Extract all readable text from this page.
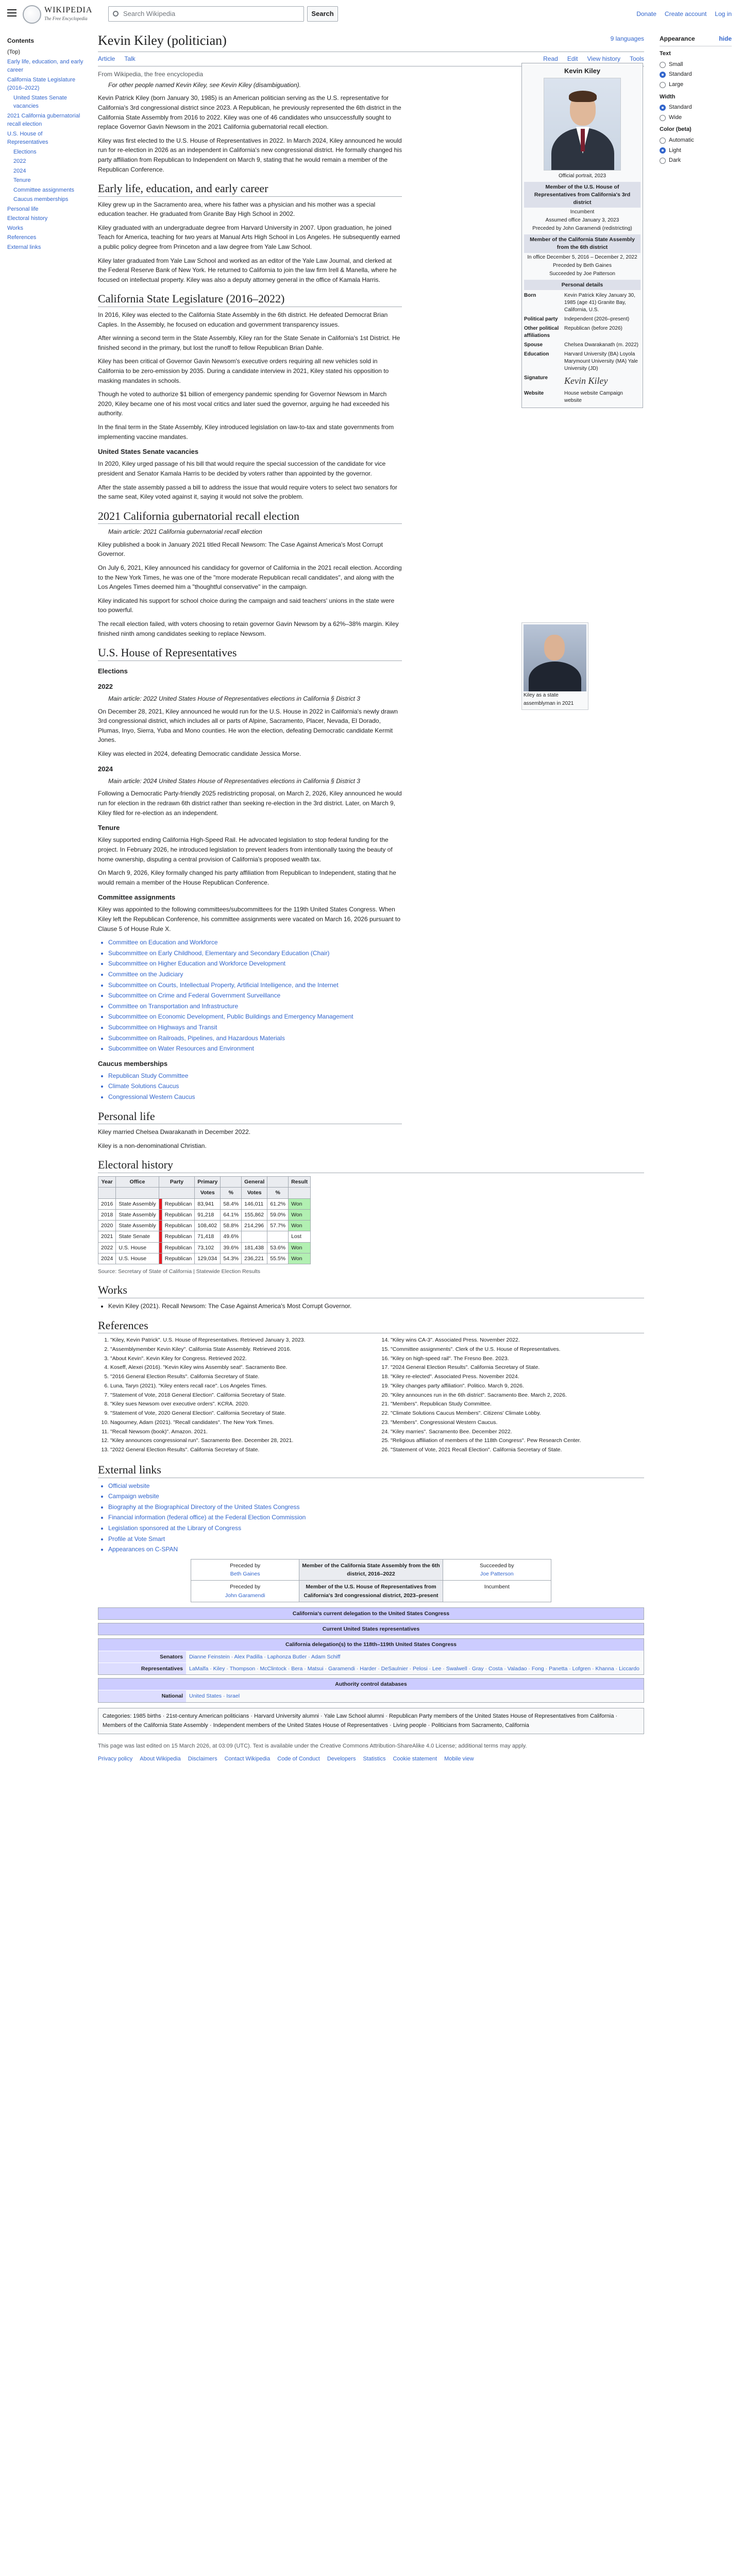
WIKIPEDIA
The Free Encyclopedia
Search Wikipedia	Search	Donate Create account Log in
Contents
(Top)
Early life, education, and early career
California State Legislature (2016–2022)
United States Senate vacancies
2021 California gubernatorial recall election
U.S. House of Representatives
Elections
2022
2024
Tenure
Committee assignments
Caucus memberships
Personal life
Electoral history
Works
References
External links
Kevin Kiley (politician)	9 languages
Article Talk	Read Edit View history Tools
From Wikipedia, the free encyclopedia
For other people named Kevin Kiley, see Kevin Kiley (disambiguation).

Kevin Patrick Kiley (born January 30, 1985) is an American politician serving as the U.S. representative for California's 3rd congressional district since 2023. A Republican, he previously represented the 6th district in the California State Assembly from 2016 to 2022. Kiley was one of 46 candidates who unsuccessfully sought to replace Governor Gavin Newsom in the 2021 California gubernatorial recall election.

Kiley was first elected to the U.S. House of Representatives in 2022. In March 2024, Kiley announced he would run for re-election in 2026 as an independent in California's new congressional district. He formally changed his party affiliation from Republican to Independent on March 9, stating that he would remain a member of the Republican Conference.

Early life, education, and early career

Kiley grew up in the Sacramento area, where his father was a physician and his mother was a special education teacher. He graduated from Granite Bay High School in 2002.

Kiley graduated with an undergraduate degree from Harvard University in 2007. Upon graduation, he joined Teach for America, teaching for two years at Manual Arts High School in Los Angeles. He subsequently earned a public policy degree from Princeton and a law degree from Yale Law School.

Kiley later graduated from Yale Law School and worked as an editor of the Yale Law Journal, and clerked at the Federal Reserve Bank of New York. He returned to California to join the law firm Irell & Manella, where he focused on intellectual property. Kiley was also a deputy attorney general in the office of Kamala Harris.

California State Legislature (2016–2022)

In 2016, Kiley was elected to the California State Assembly in the 6th district. He defeated Democrat Brian Caples. In the Assembly, he focused on education and government transparency issues.

After winning a second term in the State Assembly, Kiley ran for the State Senate in California's 1st District. He finished second in the primary, but lost the runoff to fellow Republican Brian Dahle.

Kiley has been critical of Governor Gavin Newsom's executive orders requiring all new vehicles sold in California to be zero-emission by 2035. During a candidate interview in 2021, Kiley stated his opposition to masking mandates in schools.

Though he voted to authorize $1 billion of emergency pandemic spending for Governor Newsom in March 2020, Kiley became one of his most vocal critics and later sued the governor, arguing he had exceeded his authority.

In the final term in the State Assembly, Kiley introduced legislation on law-to-tax and state governments from implementing vaccine mandates.

United States Senate vacancies

In 2020, Kiley urged passage of his bill that would require the special succession of the candidate for vice president and Senator Kamala Harris to be decided by voters rather than appointed by the governor.

After the state assembly passed a bill to address the issue that would require voters to select two senators for the same seat, Kiley voted against it, saying it would not solve the problem.

2021 California gubernatorial recall election
Main article: 2021 California gubernatorial recall election

Kiley published a book in January 2021 titled Recall Newsom: The Case Against America's Most Corrupt Governor.

On July 6, 2021, Kiley announced his candidacy for governor of California in the 2021 recall election. According to the New York Times, he was one of the "more moderate Republican recall candidates", and along with the Los Angeles Times deemed him a "thoughtful conservative" in the campaign.

Kiley indicated his support for school choice during the campaign and said teachers' unions in the state were too powerful.

The recall election failed, with voters choosing to retain governor Gavin Newsom by a 62%–38% margin. Kiley finished ninth among candidates seeking to replace Newsom.

U.S. House of Representatives
Elections
2022
Main article: 2022 United States House of Representatives elections in California § District 3

On December 28, 2021, Kiley announced he would run for the U.S. House in 2022 in California's newly drawn 3rd congressional district, which includes all or parts of Alpine, Sacramento, Placer, Nevada, El Dorado, Plumas, Inyo, Sierra, Yuba and Mono counties. He won the election, defeating Democratic candidate Kermit Jones.

Kiley was elected in 2024, defeating Democratic candidate Jessica Morse.

2024
Main article: 2024 United States House of Representatives elections in California § District 3

Following a Democratic Party-friendly 2025 redistricting proposal, on March 2, 2026, Kiley announced he would run for election in the redrawn 6th district rather than seeking re-election in the 3rd district. Later, on March 9, Kiley filed for re-election as an independent.

Tenure

Kiley supported ending California High-Speed Rail. He advocated legislation to stop federal funding for the project. In February 2026, he introduced legislation to prevent leaders from intentionally taxing the beauty of home ownership, disputing a central provision of California's proposed wealth tax.

On March 9, 2026, Kiley formally changed his party affiliation from Republican to Independent, stating that he would remain a member of the House Republican Conference.

Committee assignments

Kiley was appointed to the following committees/subcommittees for the 119th United States Congress. When Kiley left the Republican Conference, his committee assignments were vacated on March 16, 2026 pursuant to Clause 5 of House Rule X.

• Committee on Education and Workforce
• Subcommittee on Early Childhood, Elementary and Secondary Education (Chair)
• Subcommittee on Higher Education and Workforce Development
• Committee on the Judiciary
• Subcommittee on Courts, Intellectual Property, Artificial Intelligence, and the Internet
• Subcommittee on Crime and Federal Government Surveillance
• Committee on Transportation and Infrastructure
• Subcommittee on Economic Development, Public Buildings and Emergency Management
• Subcommittee on Highways and Transit
• Subcommittee on Railroads, Pipelines, and Hazardous Materials
• Subcommittee on Water Resources and Environment
Caucus memberships
• Republican Study Committee
• Climate Solutions Caucus
• Congressional Western Caucus
Personal life

Kiley married Chelsea Dwarakanath in December 2022.

Kiley is a non-denominational Christian.

Electoral history
Year	Office	Party		Primary		General		Result
				Votes	%	Votes	%	
2016	State Assembly		Republican	83,941	58.4%	146,011	61.2%	Won
2018	State Assembly		Republican	91,218	64.1%	155,862	59.0%	Won
2020	State Assembly		Republican	108,402	58.8%	214,296	57.7%	Won
2021	State Senate		Republican	71,418	49.6%			Lost
2022	U.S. House		Republican	73,102	39.6%	181,438	53.6%	Won
2024	U.S. House		Republican	129,034	54.3%	236,221	55.5%	Won
Source: Secretary of State of California | Statewide Election Results
Works
• Kevin Kiley (2021). Recall Newsom: The Case Against America's Most Corrupt Governor.
References
1. "Kiley, Kevin Patrick". U.S. House of Representatives. Retrieved January 3, 2023.
2. "Assemblymember Kevin Kiley". California State Assembly. Retrieved 2016.
3. "About Kevin". Kevin Kiley for Congress. Retrieved 2022.
4. Koseff, Alexei (2016). "Kevin Kiley wins Assembly seat". Sacramento Bee.
5. "2016 General Election Results". California Secretary of State.
6. Luna, Taryn (2021). "Kiley enters recall race". Los Angeles Times.
7. "Statement of Vote, 2018 General Election". California Secretary of State.
8. "Kiley sues Newsom over executive orders". KCRA. 2020.
9. "Statement of Vote, 2020 General Election". California Secretary of State.
10. Nagourney, Adam (2021). "Recall candidates". The New York Times.
11. "Recall Newsom (book)". Amazon. 2021.
12. "Kiley announces congressional run". Sacramento Bee. December 28, 2021.
13. "2022 General Election Results". California Secretary of State.
14. "Kiley wins CA-3". Associated Press. November 2022.
15. "Committee assignments". Clerk of the U.S. House of Representatives.
16. "Kiley on high-speed rail". The Fresno Bee. 2023.
17. "2024 General Election Results". California Secretary of State.
18. "Kiley re-elected". Associated Press. November 2024.
19. "Kiley changes party affiliation". Politico. March 9, 2026.
20. "Kiley announces run in the 6th district". Sacramento Bee. March 2, 2026.
21. "Members". Republican Study Committee.
22. "Climate Solutions Caucus Members". Citizens' Climate Lobby.
23. "Members". Congressional Western Caucus.
24. "Kiley marries". Sacramento Bee. December 2022.
25. "Religious affiliation of members of the 118th Congress". Pew Research Center.
26. "Statement of Vote, 2021 Recall Election". California Secretary of State.
External links
• Official website
• Campaign website
• Biography at the Biographical Directory of the United States Congress
• Financial information (federal office) at the Federal Election Commission
• Legislation sponsored at the Library of Congress
• Profile at Vote Smart
• Appearances on C-SPAN
Preceded by
Beth Gaines
Member of the California State Assembly from the 6th district, 2016–2022
Succeeded by
Joe Patterson
Preceded by
John Garamendi
Member of the U.S. House of Representatives from California's 3rd congressional district, 2023–present
Incumbent
California's current delegation to the United States Congress
Current United States representatives
California delegation(s) to the 118th–119th United States Congress
Senators	Dianne Feinstein · Alex Padilla · Laphonza Butler · Adam Schiff
Representatives	LaMalfa · Kiley · Thompson · McClintock · Bera · Matsui · Garamendi · Harder · DeSaulnier · Pelosi · Lee · Swalwell · Gray · Costa · Valadao · Fong · Panetta · Lofgren · Khanna · Liccardo
Authority control databases
National	United States · Israel
Categories: 1985 births · 21st-century American politicians · Harvard University alumni · Yale Law School alumni · Republican Party members of the United States House of Representatives from California · Members of the California State Assembly · Independent members of the United States House of Representatives · Living people · Politicians from Sacramento, California
This page was last edited on 15 March 2026, at 03:09 (UTC). Text is available under the Creative Commons Attribution-ShareAlike 4.0 License; additional terms may apply.
Privacy policy About Wikipedia Disclaimers Contact Wikipedia Code of Conduct Developers Statistics Cookie statement Mobile view
Kevin Kiley
Official portrait, 2023
Member of the U.S. House of Representatives from California's 3rd district
Incumbent
Assumed office January 3, 2023
Preceded by John Garamendi (redistricting)
Member of the California State Assembly from the 6th district
In office December 5, 2016 – December 2, 2022
Preceded by Beth Gaines
Succeeded by Joe Patterson
Personal details
Born	Kevin Patrick Kiley January 30, 1985 (age 41) Granite Bay, California, U.S.
Political party	Independent (2026–present)
Other political affiliations
Republican (before 2026)
Spouse	Chelsea Dwarakanath (m. 2022)
Education	Harvard University (BA) Loyola Marymount University (MA) Yale University (JD)
Signature	Kevin Kiley
Website	House website Campaign website
Kiley as a state assemblyman in 2021
Appearance	hide
Text
Small
Standard
Large
Width
Standard
Wide
Color (beta)
Automatic
Light
Dark
